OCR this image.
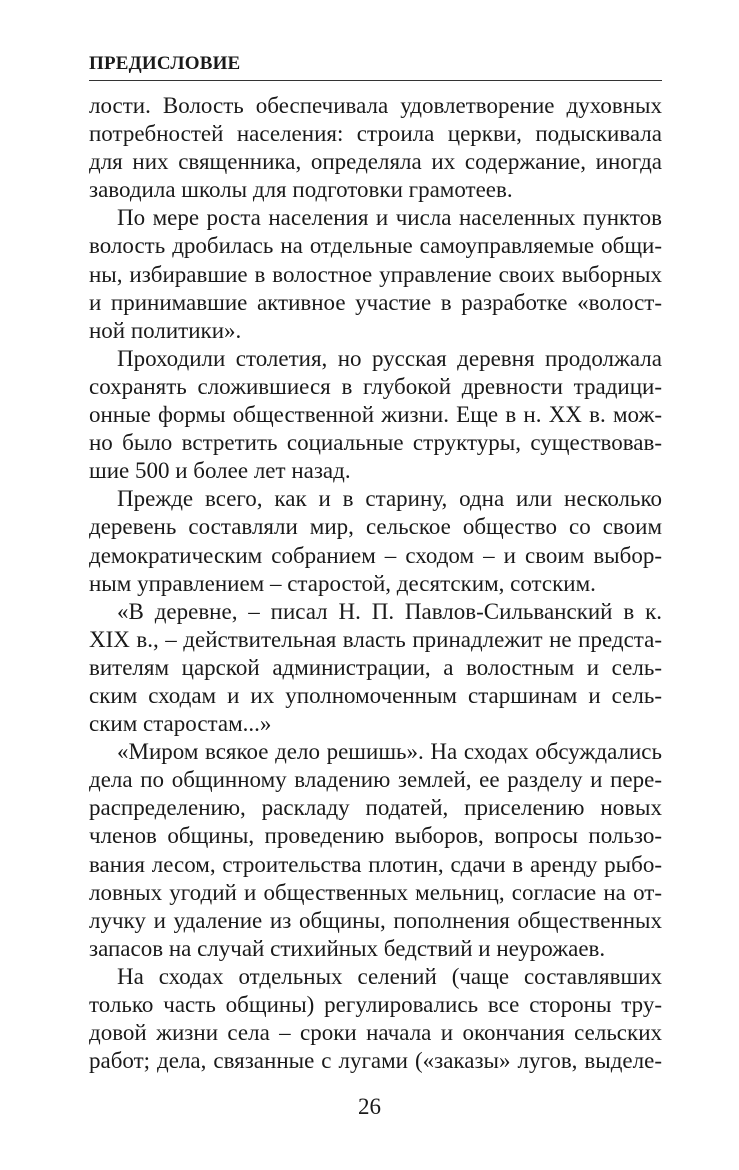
ПРЕДИСЛОВИЕ

лости. Волость обеспечивала удовлетворение духовных
потребностей населения: строила церкви, подыскивала
для них священника, определяла их содержание, иногда
заводила школы для подготовки грамотеев.

По мере роста населения и числа населенных пунктов
волость дробилась на отдельные самоуправляемые общи-
ны, избиравшие в волостное управление своих выборных
и принимавшие активное участие в разработке «волост-
ной политики».

Проходили столетия, но русская деревня продолжала
сохранять сложившиеся в глубокой древности традици-
онные формы общественной жизни. Еще в н. XX в. мож-
но было встретить социальные структуры, существовав-
шие 500 и более лет назад.

Прежде всего, как и в старину, одна или несколько
деревень составляли мир, сельское общество со своим
демократическим собранием – сходом – и своим выбор-
ным управлением – старостой, десятским, сотским.

«В деревне, – писал Н. П. Павлов-Сильванский в к.
XIX в., – действительная власть принадлежит не предста-
вителям царской администрации, а волостным и сель-
ским сходам и их уполномоченным старшинам и сель-
ским старостам...»

«Миром всякое дело решишь». На сходах обсуждались
дела по общинному владению землей, ее разделу и пере-
распределению, раскладу податей, приселению новых
членов общины, проведению выборов, вопросы пользо-
вания лесом, строительства плотин, сдачи в аренду рыбо-
ловных угодий и общественных мельниц, согласие на от-
лучку и удаление из общины, пополнения общественных
запасов на случай стихийных бедствий и неурожаев.

На сходах отдельных селений (чаще составлявших
только часть общины) регулировались все стороны тру-
довой жизни села – сроки начала и окончания сельских
работ; дела, связанные с лугами («заказы» лугов, выделе-

26
